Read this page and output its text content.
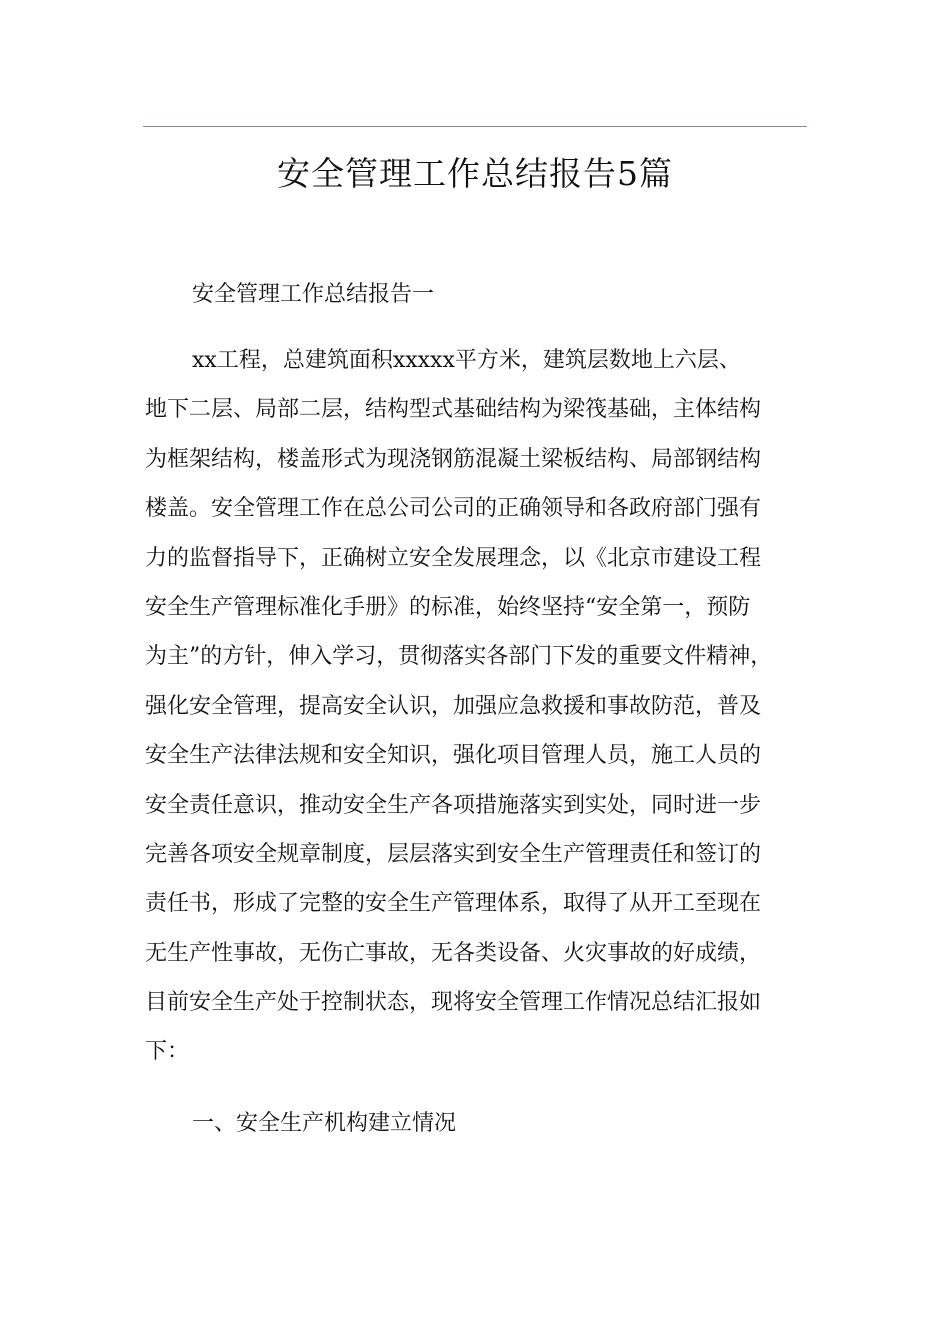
安全管理工作总结报告5篇
安全管理工作总结报告一
xx工程，总建筑面积xxxxx平方米，建筑层数地上六层、
地下二层、局部二层，结构型式基础结构为梁筏基础，主体结构
为框架结构，楼盖形式为现浇钢筋混凝土梁板结构、局部钢结构
楼盖。安全管理工作在总公司公司的正确领导和各政府部门强有
力的监督指导下，正确树立安全发展理念，以《北京市建设工程
安全生产管理标准化手册》的标准，始终坚持“安全第一，预防
为主”的方针，伸入学习，贯彻落实各部门下发的重要文件精神，
强化安全管理，提高安全认识，加强应急救援和事故防范，普及
安全生产法律法规和安全知识，强化项目管理人员，施工人员的
安全责任意识，推动安全生产各项措施落实到实处，同时进一步
完善各项安全规章制度，层层落实到安全生产管理责任和签订的
责任书，形成了完整的安全生产管理体系，取得了从开工至现在
无生产性事故，无伤亡事故，无各类设备、火灾事故的好成绩，
目前安全生产处于控制状态，现将安全管理工作情况总结汇报如
下：
一、安全生产机构建立情况
